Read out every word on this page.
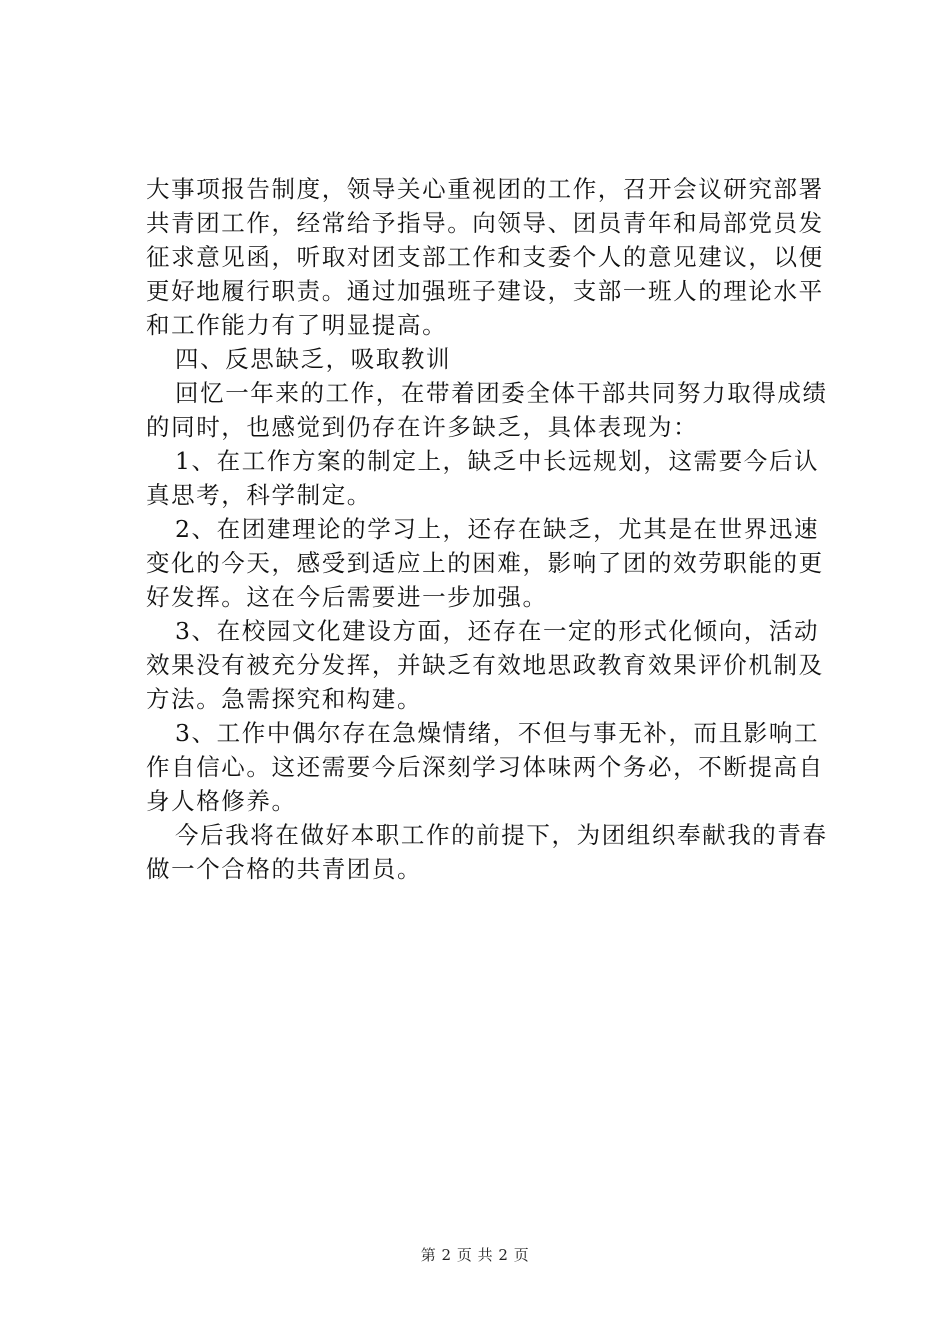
大事项报告制度，领导关心重视团的工作，召开会议研究部署
共青团工作，经常给予指导。向领导、团员青年和局部党员发
征求意见函，听取对团支部工作和支委个人的意见建议，以便
更好地履行职责。通过加强班子建设，支部一班人的理论水平
和工作能力有了明显提高。
四、反思缺乏，吸取教训
回忆一年来的工作，在带着团委全体干部共同努力取得成绩
的同时，也感觉到仍存在许多缺乏，具体表现为：
1、在工作方案的制定上，缺乏中长远规划，这需要今后认
真思考，科学制定。
2、在团建理论的学习上，还存在缺乏，尤其是在世界迅速
变化的今天，感受到适应上的困难，影响了团的效劳职能的更
好发挥。这在今后需要进一步加强。
3、在校园文化建设方面，还存在一定的形式化倾向，活动
效果没有被充分发挥，并缺乏有效地思政教育效果评价机制及
方法。急需探究和构建。
3、工作中偶尔存在急燥情绪，不但与事无补，而且影响工
作自信心。这还需要今后深刻学习体味两个务必，不断提高自
身人格修养。
今后我将在做好本职工作的前提下，为团组织奉献我的青春
做一个合格的共青团员。
第 2 页 共 2 页
